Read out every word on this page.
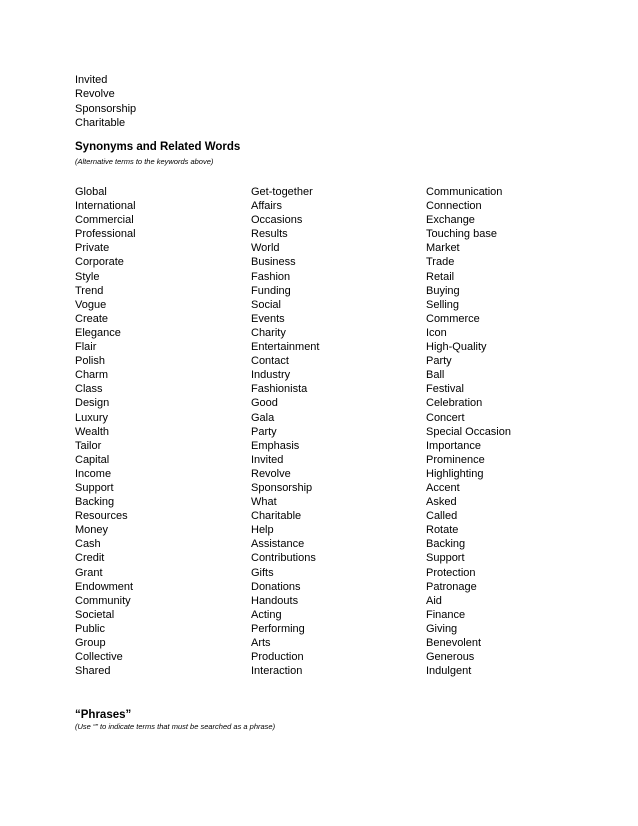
Invited
Revolve
Sponsorship
Charitable
Synonyms and Related Words

(Alternative terms to the keywords above)

Global
International
Commercial
Professional
Private
Corporate
Style
Trend
Vogue
Create
Elegance
Flair
Polish
Charm
Class
Design
Luxury
Wealth
Tailor
Capital
Income
Support
Backing
Resources
Money
Cash
Credit
Grant
Endowment
Community
Societal
Public
Group
Collective
Shared
Get-together
Affairs
Occasions
Results
World
Business
Fashion
Funding
Social
Events
Charity
Entertainment
Contact
Industry
Fashionista
Good
Gala
Party
Emphasis
Invited
Revolve
Sponsorship
What
Charitable
Help
Assistance
Contributions
Gifts
Donations
Handouts
Acting
Performing
Arts
Production
Interaction
Communication
Connection
Exchange
Touching base
Market
Trade
Retail
Buying
Selling
Commerce
Icon
High-Quality
Party
Ball
Festival
Celebration
Concert
Special Occasion
Importance
Prominence
Highlighting
Accent
Asked
Called
Rotate
Backing
Support
Protection
Patronage
Aid
Finance
Giving
Benevolent
Generous
Indulgent
“Phrases”

(Use “” to indicate terms that must be searched as a phrase)
